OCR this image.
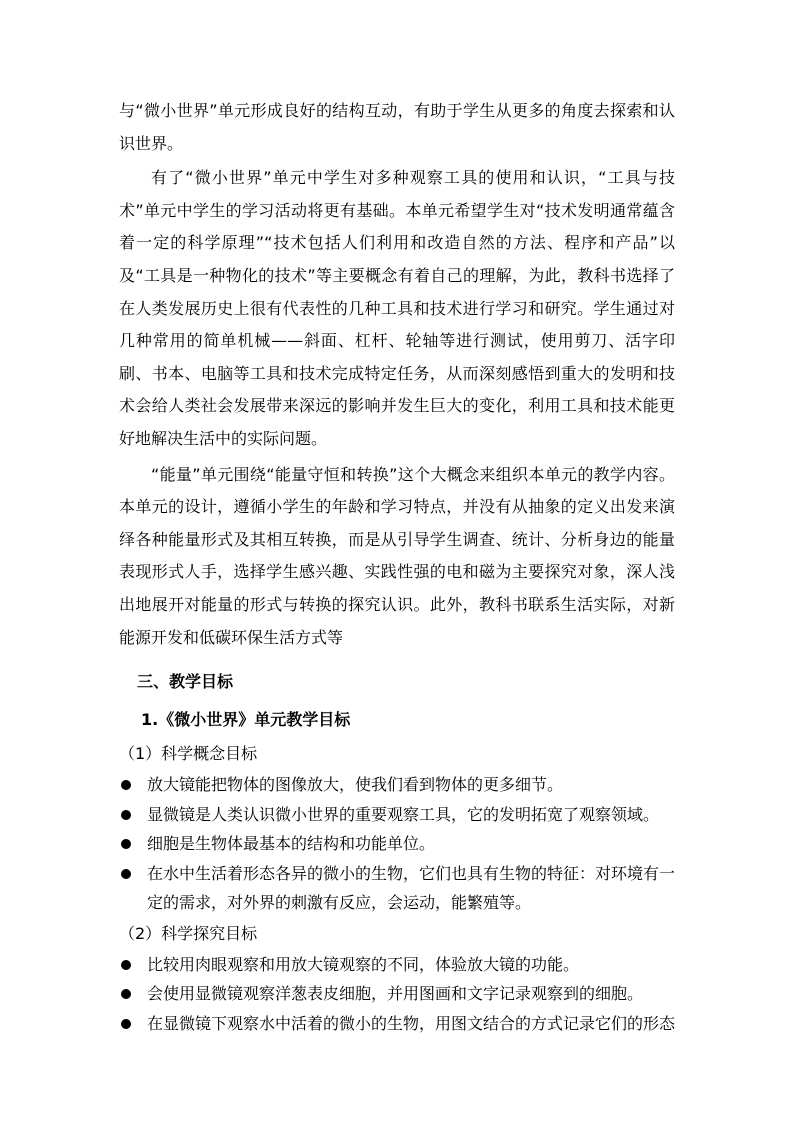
与“微小世界”单元形成良好的结构互动，有助于学生从更多的角度去探索和认识世界。

有了“微小世界”单元中学生对多种观察工具的使用和认识，“工具与技术”单元中学生的学习活动将更有基础。本单元希望学生对“技术发明通常蕴含着一定的科学原理”“技术包括人们利用和改造自然的方法、程序和产品”以及“工具是一种物化的技术”等主要概念有着自己的理解，为此，教科书选择了在人类发展历史上很有代表性的几种工具和技术进行学习和研究。学生通过对几种常用的简单机械——斜面、杠杆、轮轴等进行测试，使用剪刀、活字印刷、书本、电脑等工具和技术完成特定任务，从而深刻感悟到重大的发明和技术会给人类社会发展带来深远的影响并发生巨大的变化，利用工具和技术能更好地解决生活中的实际问题。

“能量”单元围绕“能量守恒和转换”这个大概念来组织本单元的教学内容。本单元的设计，遵循小学生的年龄和学习特点，并没有从抽象的定义出发来演绎各种能量形式及其相互转换，而是从引导学生调查、统计、分析身边的能量表现形式人手，选择学生感兴趣、实践性强的电和磁为主要探究对象，深人浅出地展开对能量的形式与转换的探究认识。此外，教科书联系生活实际，对新能源开发和低碳环保生活方式等

三、教学目标

1.《微小世界》单元教学目标

（1）科学概念目标

放大镜能把物体的图像放大，使我们看到物体的更多细节。
显微镜是人类认识微小世界的重要观察工具，它的发明拓宽了观察领域。
细胞是生物体最基本的结构和功能单位。
在水中生活着形态各异的微小的生物，它们也具有生物的特征：对环境有一定的需求，对外界的刺激有反应，会运动，能繁殖等。

（2）科学探究目标

比较用肉眼观察和用放大镜观察的不同，体验放大镜的功能。
会使用显微镜观察洋葱表皮细胞，并用图画和文字记录观察到的细胞。
在显微镜下观察水中活着的微小的生物，用图文结合的方式记录它们的形态
